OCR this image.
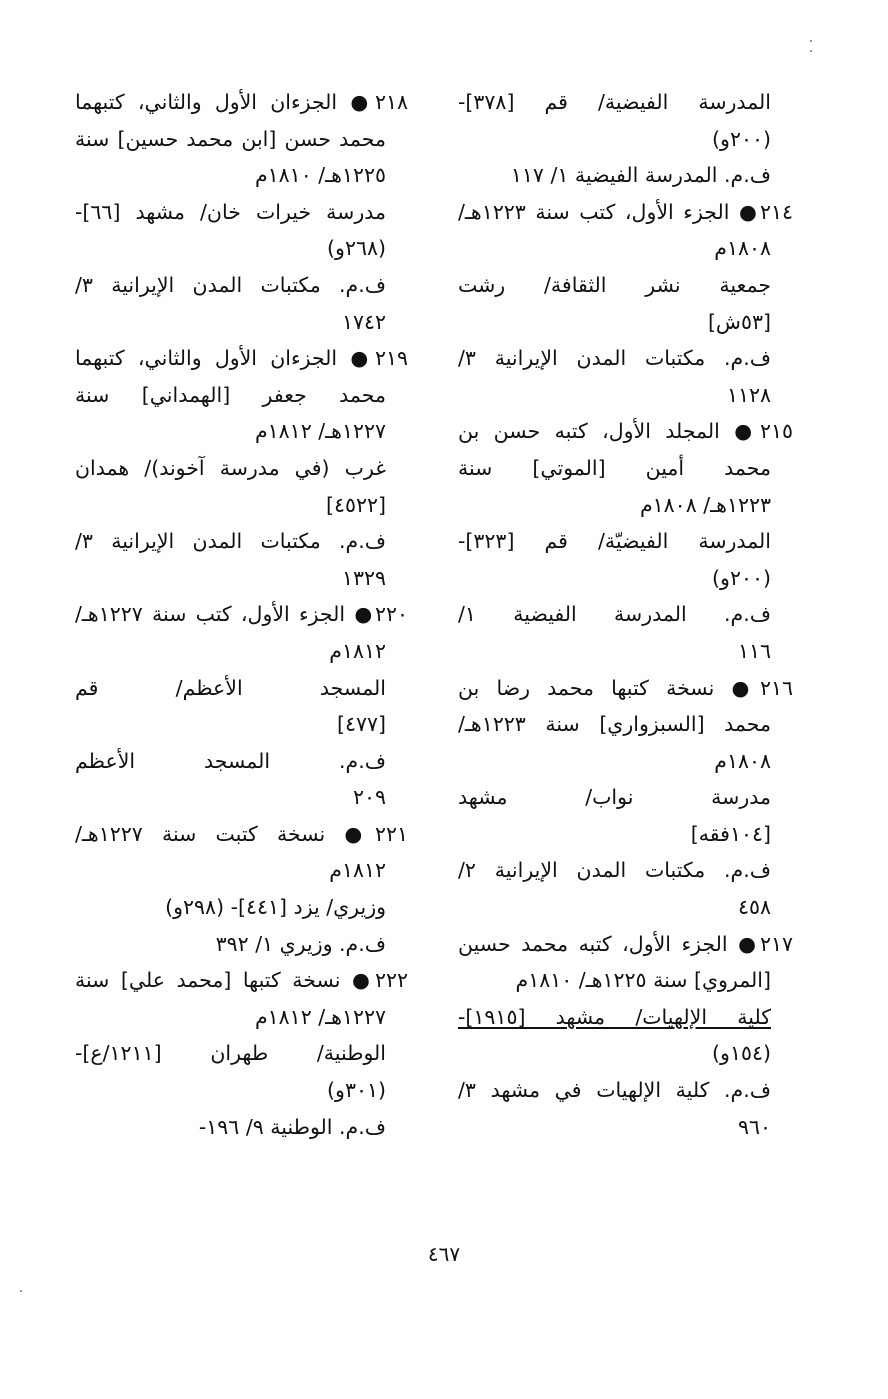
المدرسة الفيضية/ قم [٣٧٨]-
(٢٠٠و)
ف.م. المدرسة الفيضية ١/ ١١٧
٢١٤● الجزء الأول، كتب سنة ١٢٢٣هـ/
١٨٠٨م
جمعية نشر الثقافة/ رشت
[٥٣ش]
ف.م. مكتبات المدن الإيرانية ٣/
١١٢٨
٢١٥● المجلد الأول، كتبه حسن بن
محمد أمين [الموتي] سنة
١٢٢٣هـ/ ١٨٠٨م
المدرسة الفيضيّة/ قم [٣٢٣]-
(٢٠٠و)
ف.م. المدرسة الفيضية ١/
١١٦
٢١٦● نسخة كتبها محمد رضا بن
محمد [السبزواري] سنة ١٢٢٣هـ/
١٨٠٨م
مدرسة نواب/ مشهد
[١٠٤فقه]
ف.م. مكتبات المدن الإيرانية ٢/
٤٥٨
٢١٧● الجزء الأول، كتبه محمد حسين
[المروي] سنة ١٢٢٥هـ/ ١٨١٠م
كلية الإلهيات/ مشهد [١٩١٥]-
(١٥٤و)
ف.م. كلية الإلهيات في مشهد ٣/
٩٦٠
٢١٨● الجزءان الأول والثاني، كتبهما
محمد حسن [ابن محمد حسين] سنة
١٢٢٥هـ/ ١٨١٠م
مدرسة خيرات خان/ مشهد [٦٦]-
(٢٦٨و)
ف.م. مكتبات المدن الإيرانية ٣/
١٧٤٢
٢١٩● الجزءان الأول والثاني، كتبهما
محمد جعفر [الهمداني] سنة
١٢٢٧هـ/ ١٨١٢م
غرب (في مدرسة آخوند)/ همدان
[٤٥٢٢]
ف.م. مكتبات المدن الإيرانية ٣/
١٣٢٩
٢٢٠● الجزء الأول، كتب سنة ١٢٢٧هـ/
١٨١٢م
المسجد الأعظم/ قم
[٤٧٧]
ف.م. المسجد الأعظم
٢٠٩
٢٢١● نسخة كتبت سنة ١٢٢٧هـ/
١٨١٢م
وزيري/ يزد [٤٤١]- (٢٩٨و)
ف.م. وزيري ١/ ٣٩٢
٢٢٢● نسخة كتبها [محمد علي] سنة
١٢٢٧هـ/ ١٨١٢م
الوطنية/ طهران [١٢١١/ع]-
(٣٠١و)
ف.م. الوطنية ٩/ ١٩٦-
٤٦٧
